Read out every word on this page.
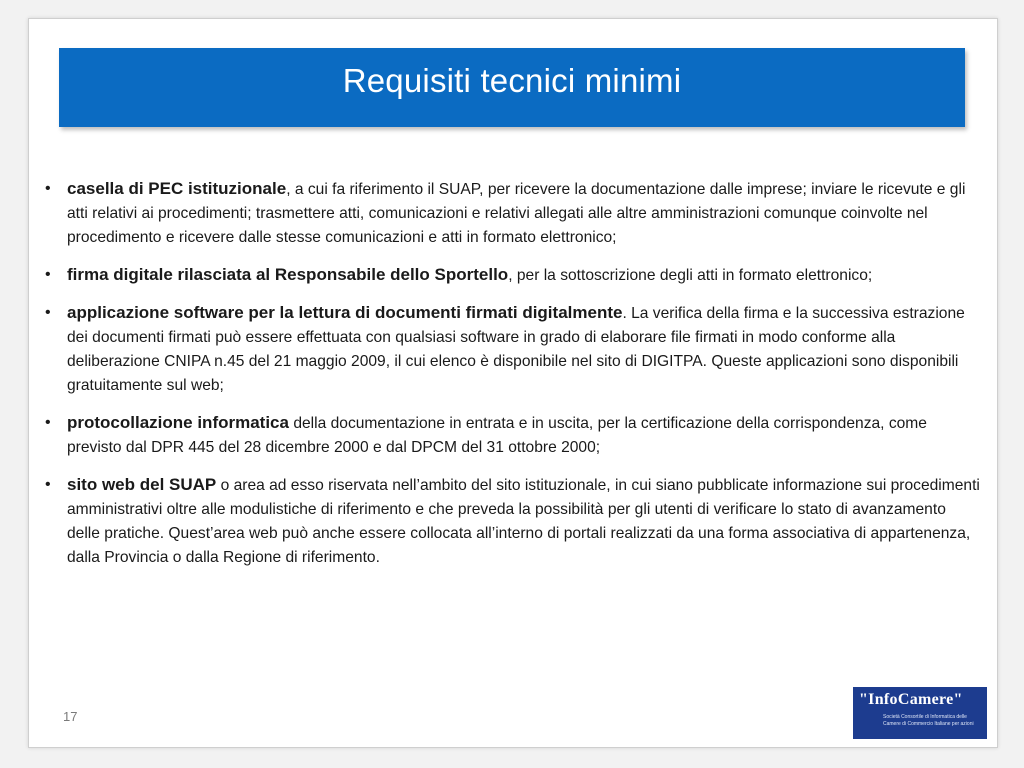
Requisiti tecnici minimi
• casella di PEC istituzionale, a cui fa riferimento il SUAP, per ricevere la documentazione dalle imprese; inviare le ricevute e gli atti relativi ai procedimenti; trasmettere atti, comunicazioni e relativi allegati alle altre amministrazioni comunque coinvolte nel procedimento e ricevere dalle stesse comunicazioni e atti in formato elettronico;
• firma digitale rilasciata al Responsabile dello Sportello, per la sottoscrizione degli atti in formato elettronico;
• applicazione software per la lettura di documenti firmati digitalmente. La verifica della firma e la successiva estrazione dei documenti firmati può essere effettuata con qualsiasi software in grado di elaborare file firmati in modo conforme alla deliberazione CNIPA n.45 del 21 maggio 2009, il cui elenco è disponibile nel sito di DIGITPA. Queste applicazioni sono disponibili gratuitamente sul web;
• protocollazione informatica della documentazione in entrata e in uscita, per la certificazione della corrispondenza, come previsto dal DPR 445 del 28 dicembre 2000 e dal DPCM del 31 ottobre 2000;
• sito web del SUAP o area ad esso riservata nell’ambito del sito istituzionale, in cui siano pubblicate informazione sui procedimenti amministrativi oltre alle modulistiche di riferimento e che preveda la possibilità per gli utenti di verificare lo stato di avanzamento delle pratiche. Quest’area web può anche essere collocata all’interno di portali realizzati da una forma associativa di appartenenza, dalla Provincia o dalla Regione di riferimento.
17
"InfoCamere"
Società Consortile di Informatica delle Camere di Commercio Italiane per azioni
